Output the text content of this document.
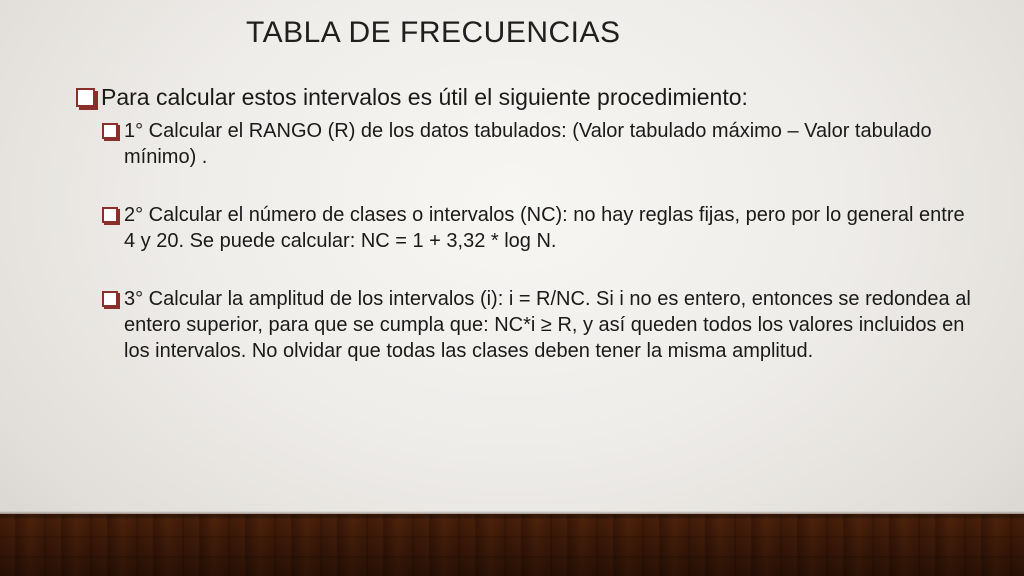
TABLA DE FRECUENCIAS
Para calcular estos intervalos es útil el siguiente procedimiento:
1° Calcular el RANGO (R) de los datos tabulados: (Valor tabulado máximo – Valor tabulado mínimo) .
2° Calcular el número de clases o intervalos (NC): no hay reglas fijas, pero por lo general entre 4 y 20. Se puede calcular: NC = 1 + 3,32 * log N.
3° Calcular la amplitud de los intervalos (i): i = R/NC. Si i no es entero, entonces se redondea al entero superior, para que se cumpla que: NC*i ≥ R, y así queden todos los valores incluidos en los intervalos. No olvidar que todas las clases deben tener la misma amplitud.
